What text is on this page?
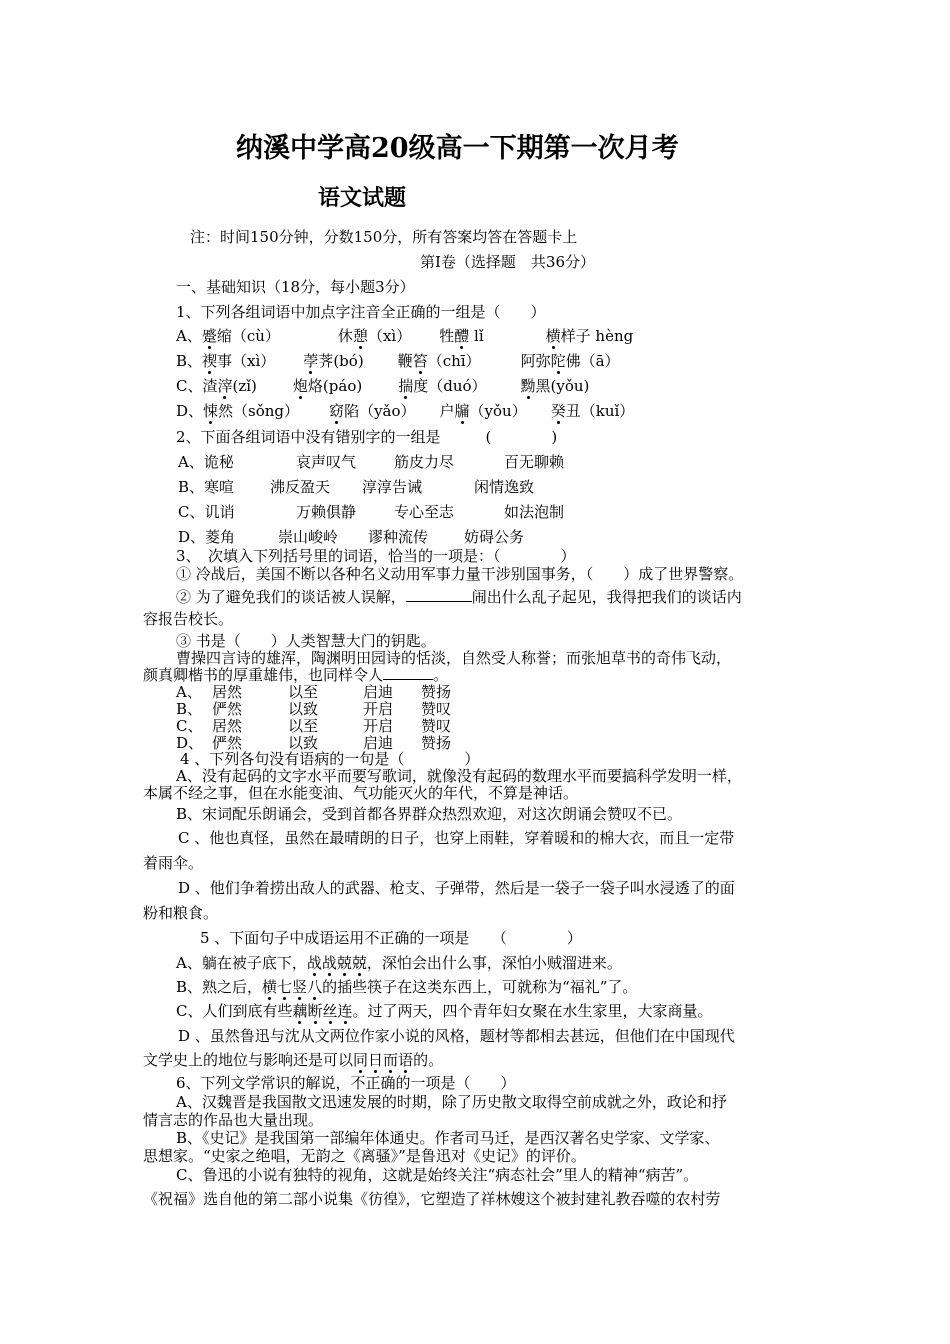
纳溪中学高20级高一下期第一次月考
语文试题
注：时间150分钟，分数150分，所有答案均答在答题卡上
第Ⅰ卷（选择题　共36分）
一、基础知识（18分，每小题3分）
1、下列各组词语中加点字注音全正确的一组是（　　）
A、蹙缩（cù）	休憩（xì） 牲醴 lǐ	横样子 hèng
B、禊事（xì） 荸荠(bó) 鞭笞（chī）	阿弥陀佛（ā）
C、渣滓(zǐ) 炮烙(páo) 揣度（duó） 黝黑(yǒu)
D、悚然（sǒng） 窈陷（yǎo） 户牖（yǒu） 癸丑（kuǐ）
2、下面各组词语中没有错别字的一组是　　　(　　　　)
A、诡秘	哀声叹气	筋皮力尽	百无聊赖
B、寒喧 沸反盈天 淳淳告诫	闲情逸致
C、讥诮	万赖俱静	专心至志	如法泡制
D、菱角	崇山峻岭 谬种流传 妨碍公务
3、　次填入下列括号里的词语，恰当的一项是：（　　　　）
① 冷战后，美国不断以各种名义动用军事力量干涉别国事务，（　　）成了世界警察。
② 为了避免我们的谈话被人误解，	闹出什么乱子起见，我得把我们的谈话内
容报告校长。
③ 书是（　　）人类智慧大门的钥匙。
曹操四言诗的雄浑，陶渊明田园诗的恬淡，自然受人称誉；而张旭草书的奇伟飞动，
颜真卿楷书的厚重雄伟，也同样令人	。
A、 居然	以至	启迪 赞扬
B、 俨然	以致	开启 赞叹
C、 居然	以至	开启 赞叹
D、 俨然	以致	启迪 赞扬
4 、下列各句没有语病的一句是（　　　　）
A、没有起码的文字水平而要写歌词，就像没有起码的数理水平而要搞科学发明一样，
本属不经之事，但在水能变油、气功能灭火的年代，不算是神话。
B、宋词配乐朗诵会，受到首都各界群众热烈欢迎，对这次朗诵会赞叹不已。
C 、他也真怪，虽然在最晴朗的日子，也穿上雨鞋，穿着暖和的棉大衣，而且一定带
着雨伞。
D 、他们争着捞出敌人的武器、枪支、子弹带，然后是一袋子一袋子叫水浸透了的面
粉和粮食。
5 、下面句子中成语运用不正确的一项是　　（　　　　）
A、躺在被子底下，战战兢兢，深怕会出什么事，深怕小贼溜进来。
B、熟之后，横七竖八的插些筷子在这类东西上，可就称为“福礼”了。
C、人们到底有些藕断丝连。过了两天，四个青年妇女聚在水生家里，大家商量。
D 、虽然鲁迅与沈从文两位作家小说的风格，题材等都相去甚远，但他们在中国现代
文学史上的地位与影响还是可以同日而语的。
6、下列文学常识的解说，不正确的一项是（　　）
A、汉魏晋是我国散文迅速发展的时期，除了历史散文取得空前成就之外，政论和抒
情言志的作品也大量出现。
B、《史记》是我国第一部编年体通史。作者司马迁，是西汉著名史学家、文学家、
思想家。“史家之绝唱，无韵之《离骚》”是鲁迅对《史记》的评价。
C、鲁迅的小说有独特的视角，这就是始终关注“病态社会”里人的精神“病苦”。
《祝福》选自他的第二部小说集《彷徨》，它塑造了祥林嫂这个被封建礼教吞噬的农村劳
